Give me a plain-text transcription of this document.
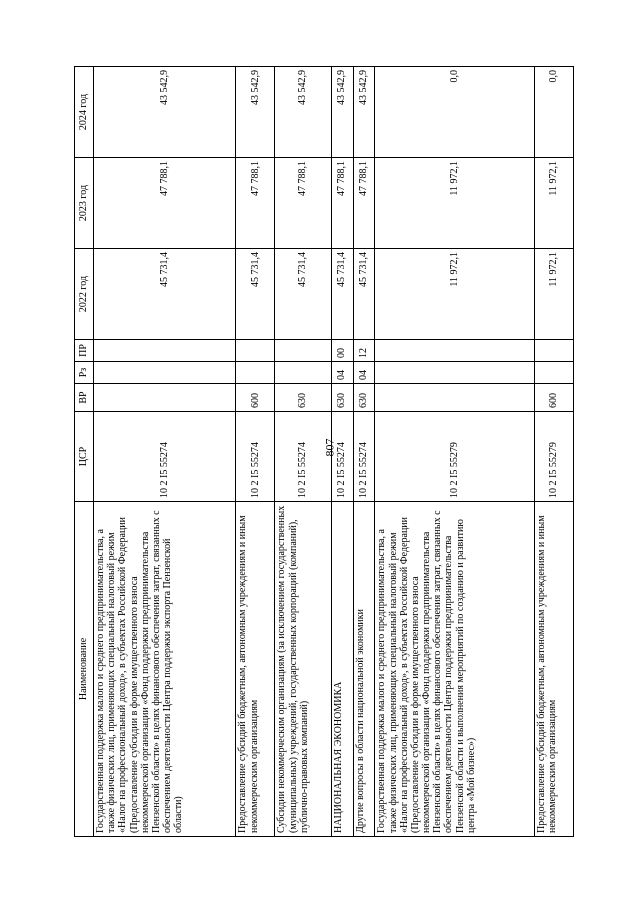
807
Наименование	ЦСР	ВР	Рз	ПР	2022 год	2023 год	2024 год
Государственная поддержка малого и среднего предпринимательства, а также физических лиц, применяющих специальный налоговый режим «Налог на профессиональный доход», в субъектах Российской Федерации (Предоставление субсидии в форме имущественного взноса некоммерческой организации «Фонд поддержки предпринимательства Пензенской области» в целях финансового обеспечения затрат, связанных с обеспечением деятельности Центра поддержки экспорта Пензенской области)	10 2 I5 55274				45 731,4	47 788,1	43 542,9
Предоставление субсидий бюджетным, автономным учреждениям и иным некоммерческим организациям	10 2 I5 55274	600			45 731,4	47 788,1	43 542,9
Субсидии некоммерческим организациям (за исключением государственных (муниципальных) учреждений, государственных корпораций (компаний), публично-правовых компаний)	10 2 I5 55274	630			45 731,4	47 788,1	43 542,9
НАЦИОНАЛЬНАЯ ЭКОНОМИКА	10 2 I5 55274	630	04	00	45 731,4	47 788,1	43 542,9
Другие вопросы в области национальной экономики	10 2 I5 55274	630	04	12	45 731,4	47 788,1	43 542,9
Государственная поддержка малого и среднего предпринимательства, а также физических лиц, применяющих специальный налоговый режим «Налог на профессиональный доход», в субъектах Российской Федерации (Предоставление субсидии в форме имущественного взноса некоммерческой организации «Фонд поддержки предпринимательства Пензенской области» в целях финансового обеспечения затрат, связанных с обеспечением деятельности Центра поддержки предпринимательства Пензенской области и выполнения мероприятий по созданию и развитию центра «Мой бизнес»)	10 2 I5 55279				11 972,1	11 972,1	0,0
Предоставление субсидий бюджетным, автономным учреждениям и иным некоммерческим организациям	10 2 I5 55279	600			11 972,1	11 972,1	0,0
